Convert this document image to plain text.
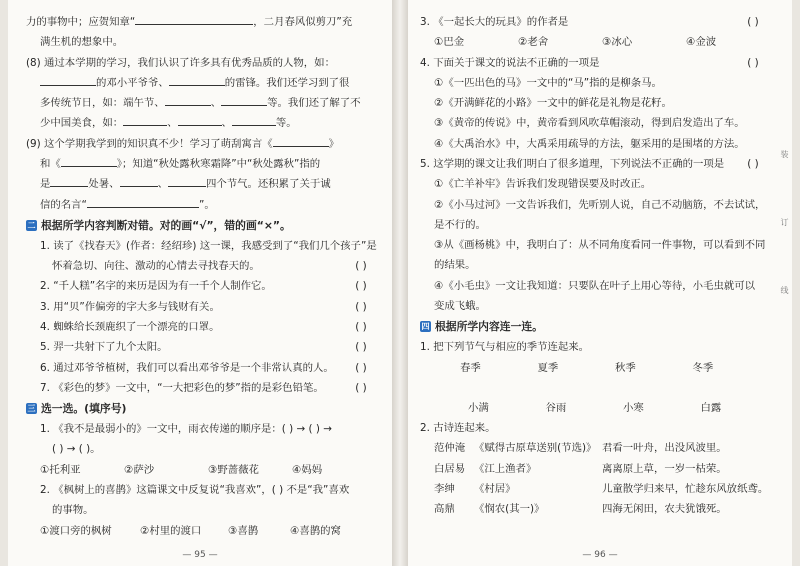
力的事物中；应贺知章“	，二月春风似剪刀”充
满生机的想象中。
(8) 通过本学期的学习，我们认识了许多具有优秀品质的人物，如：
的邓小平爷爷、	的雷锋。我们还学习到了很
多传统节日，如：端午节、	、	等。我们还了解了不
少中国美食，如：	、	、	等。
(9) 这个学期我学到的知识真不少！学习了萌刮寓言《	》
和《	》；知道“秋处露秋寒霜降”中“秋处露秋”指的
是	处暑、	、	四个节气。还积累了关于诚
信的名言“	”。
二 根据所学内容判断对错。对的画“√”，错的画“×”。
1. 读了《找春天》(作者：经绍珍) 这一课，我感受到了“我们几个孩子”是
怀着急切、向往、激动的心情去寻找春天的。	( )
2. “千人糕”名字的来历是因为有一千个人制作它。	( )
3. 用“贝”作偏旁的字大多与钱财有关。	( )
4. 蜘蛛给长颈鹿织了一个漂亮的口罩。	( )
5. 羿一共射下了九个太阳。	( )
6. 通过邓爷爷植树，我们可以看出邓爷爷是一个非常认真的人。	( )
7. 《彩色的梦》一文中，“一大把彩色的梦”指的是彩色铅笔。	( )
三 选一选。(填序号)
1. 《我不是最弱小的》一文中，雨衣传递的顺序是：( ) → ( ) →
( ) → ( )。
①托利亚	②萨沙	③野蔷薇花	④妈妈
2. 《枫树上的喜鹊》这篇课文中反复说“我喜欢”，( ) 不是“我”喜欢
的事物。
①渡口旁的枫树	②村里的渡口	③喜鹊	④喜鹊的窝
— 95 —
3. 《一起长大的玩具》的作者是	( )
①巴金	②老舍	③冰心	④金波
4. 下面关于课文的说法不正确的一项是	( )
①《一匹出色的马》一文中的“马”指的是柳条马。
②《开满鲜花的小路》一文中的鲜花是礼物是花籽。
③《黄帝的传说》中，黄帝看到风吹草帽滚动，得到启发造出了车。
④《大禹治水》中，大禹采用疏导的方法，躯采用的是围堵的方法。
5. 这学期的课文让我们明白了很多道理，下列说法不正确的一项是	( )
①《亡羊补牢》告诉我们发现错误要及时改正。
②《小马过河》一文告诉我们，先听别人说，自己不动脑筋，不去试试，
是不行的。
③从《画杨桃》中，我明白了：从不同角度看同一件事物，可以看到不同
的结果。
④《小毛虫》一文让我知道：只要队在叶子上用心等待，小毛虫就可以
变成飞蛾。
四 根据所学内容连一连。
1. 把下列节气与相应的季节连起来。
春季	夏季	秋季	冬季
小满	谷雨	小寒	白露
2. 古诗连起来。
范仲淹 《赋得古原草送别(节选)》 君看一叶舟，出没风波里。
白居易 《江上渔者》	离离原上草，一岁一枯荣。
李绅	《村居》	儿童散学归来早，忙趁东风放纸鸢。
高鼎	《悯农(其一)》	四海无闲田，农夫犹饿死。
装订线
— 96 —
